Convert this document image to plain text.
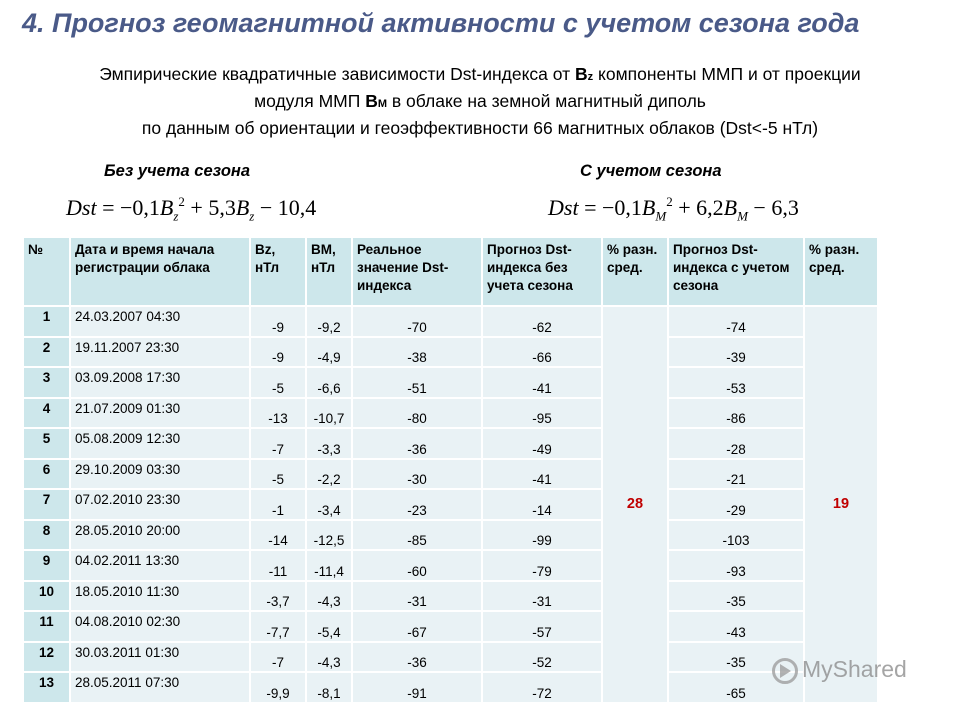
4. Прогноз геомагнитной активности с учетом сезона года
Эмпирические квадратичные зависимости Dst-индекса от Bz компоненты ММП и от проекции
модуля ММП BM в облаке на земной магнитный диполь
по данным об ориентации и геоэффективности 66 магнитных облаков (Dst<-5 нТл)
Без учета сезона	С учетом сезона
Dst = $-0,1B_z^2 + 5,3B_z - 10,4$	Dst = $-0,1B_M^2 + 6,2B_M - 6,3$
№	Дата и время начала регистрации облака	Bz, нТл	BM, нТл	Реальное значение Dst-индекса	Прогноз Dst-индекса без учета сезона	% разн. сред.	Прогноз Dst-индекса с учетом сезона	% разн. сред.
1	24.03.2007 04:30	-9	-9,2	-70	-62	28	-74	19
2	19.11.2007 23:30	-9	-4,9	-38	-66		-39	
3	03.09.2008 17:30	-5	-6,6	-51	-41		-53	
4	21.07.2009 01:30	-13	-10,7	-80	-95		-86	
5	05.08.2009 12:30	-7	-3,3	-36	-49		-28	
6	29.10.2009 03:30	-5	-2,2	-30	-41		-21	
7	07.02.2010 23:30	-1	-3,4	-23	-14		-29	
8	28.05.2010 20:00	-14	-12,5	-85	-99		-103	
9	04.02.2011 13:30	-11	-11,4	-60	-79		-93	
10	18.05.2010 11:30	-3,7	-4,3	-31	-31		-35	
11	04.08.2010 02:30	-7,7	-5,4	-67	-57		-43	
12	30.03.2011 01:30	-7	-4,3	-36	-52		-35	
13	28.05.2011 07:30	-9,9	-8,1	-91	-72		-65	
MyShared
